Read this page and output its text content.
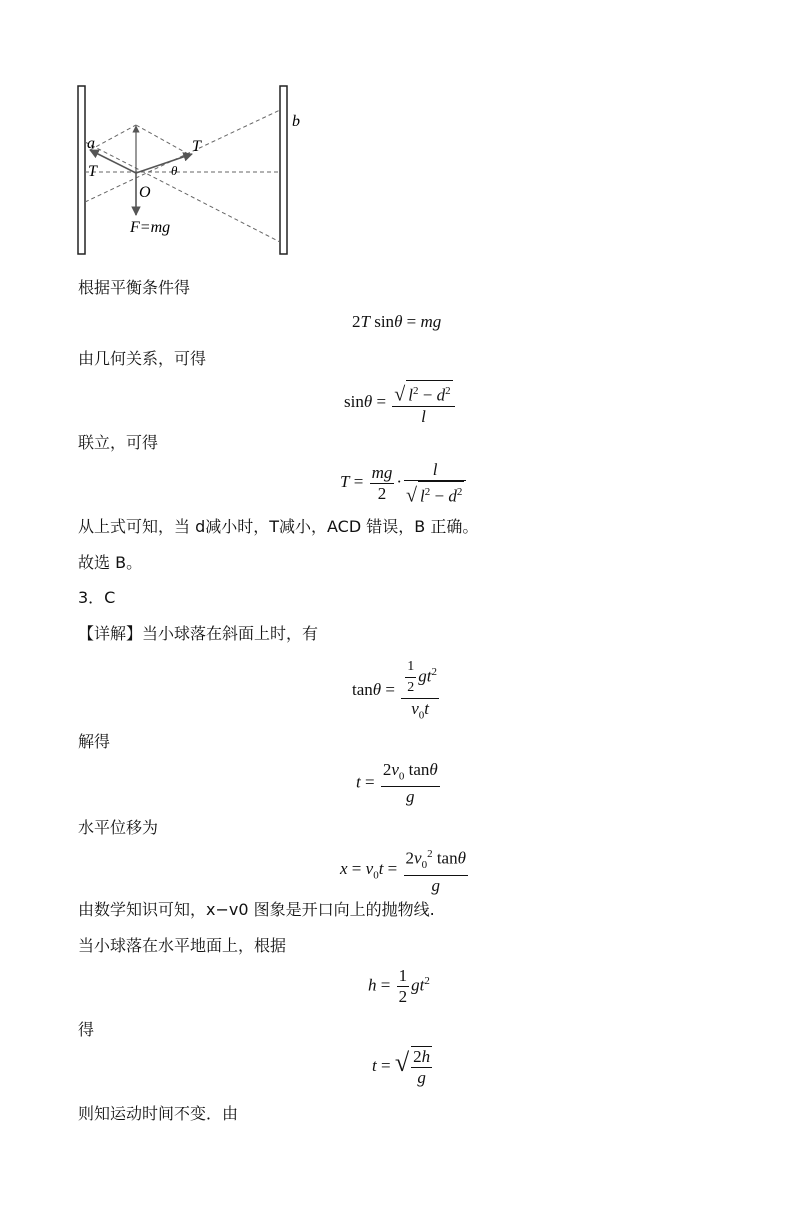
a
b
T
T	θ
O
F=mg
根据平衡条件得
2T sinθ = mg
由几何关系，可得
$\sin\theta = \frac{√ l^2 - d^2}{l}$
联立，可得
$T = \frac{mg}{2} \cdot \frac{l}{√ l^2 - d^2}$
从上式可知，当 d减小时，T减小，ACD 错误，B 正确。
故选 B。
3．C
【详解】当小球落在斜面上时，有
$\tan\theta = \frac{\frac{1}{2} gt^2}{v_0t}$
解得
$t = \frac{2v_0 \tan\theta}{g}$
水平位移为
$x = v_0t = \frac{2v_0^2 \tan\theta}{g}$
由数学知识可知，x−v0 图象是开口向上的抛物线.
当小球落在水平地面上，根据
$h = \frac{1}{2} gt^2$
得
t = √ $\frac{2h}{g}$
则知运动时间不变．由
